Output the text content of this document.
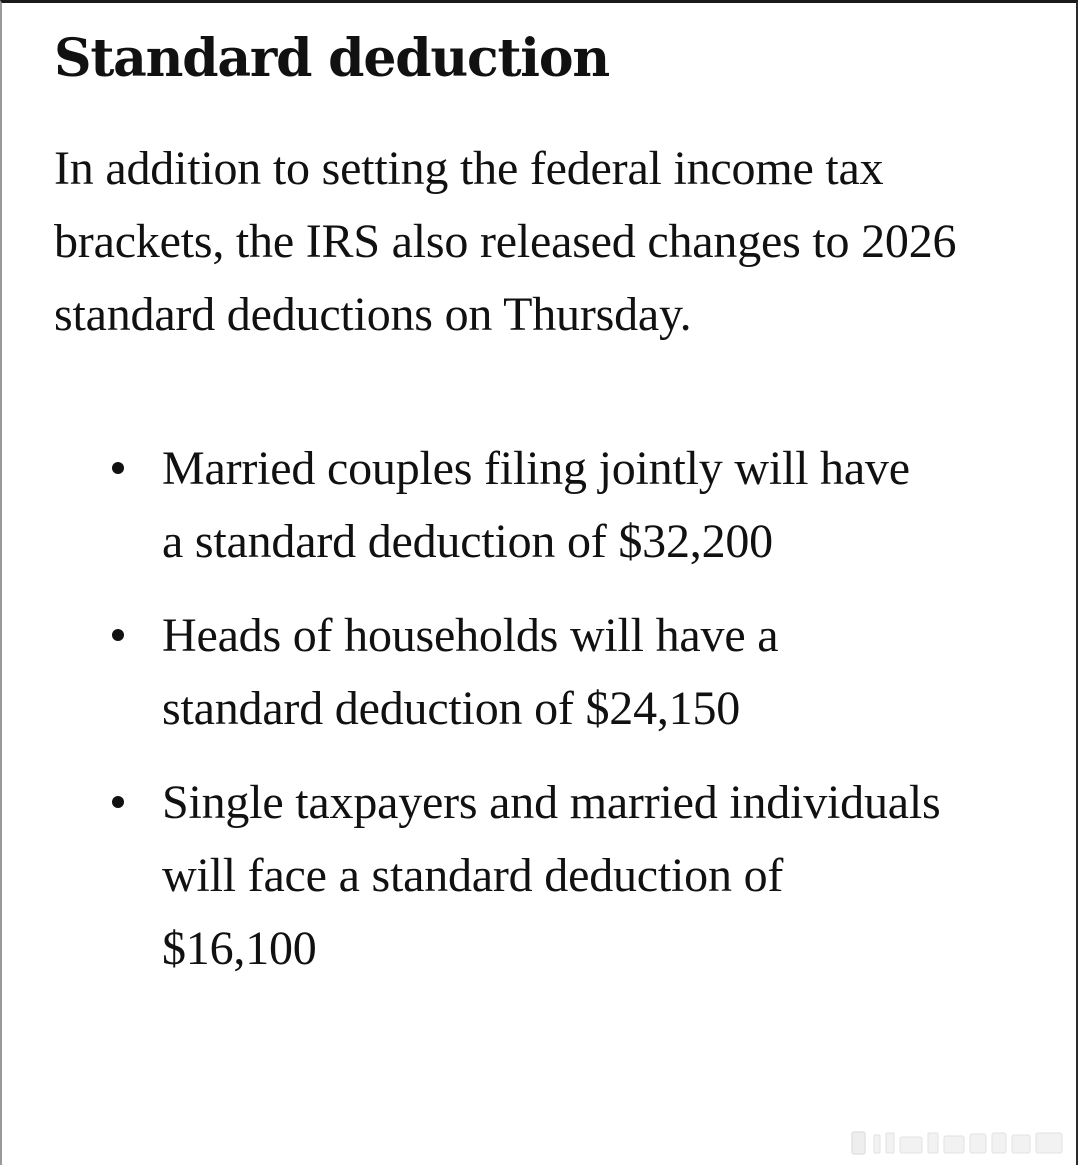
Standard deduction

In addition to setting the federal income tax brackets, the IRS also released changes to 2026 standard deductions on Thursday.

Married couples filing jointly will have a standard deduction of $32,200
Heads of households will have a standard deduction of $24,150
Single taxpayers and married individuals will face a standard deduction of $16,100
